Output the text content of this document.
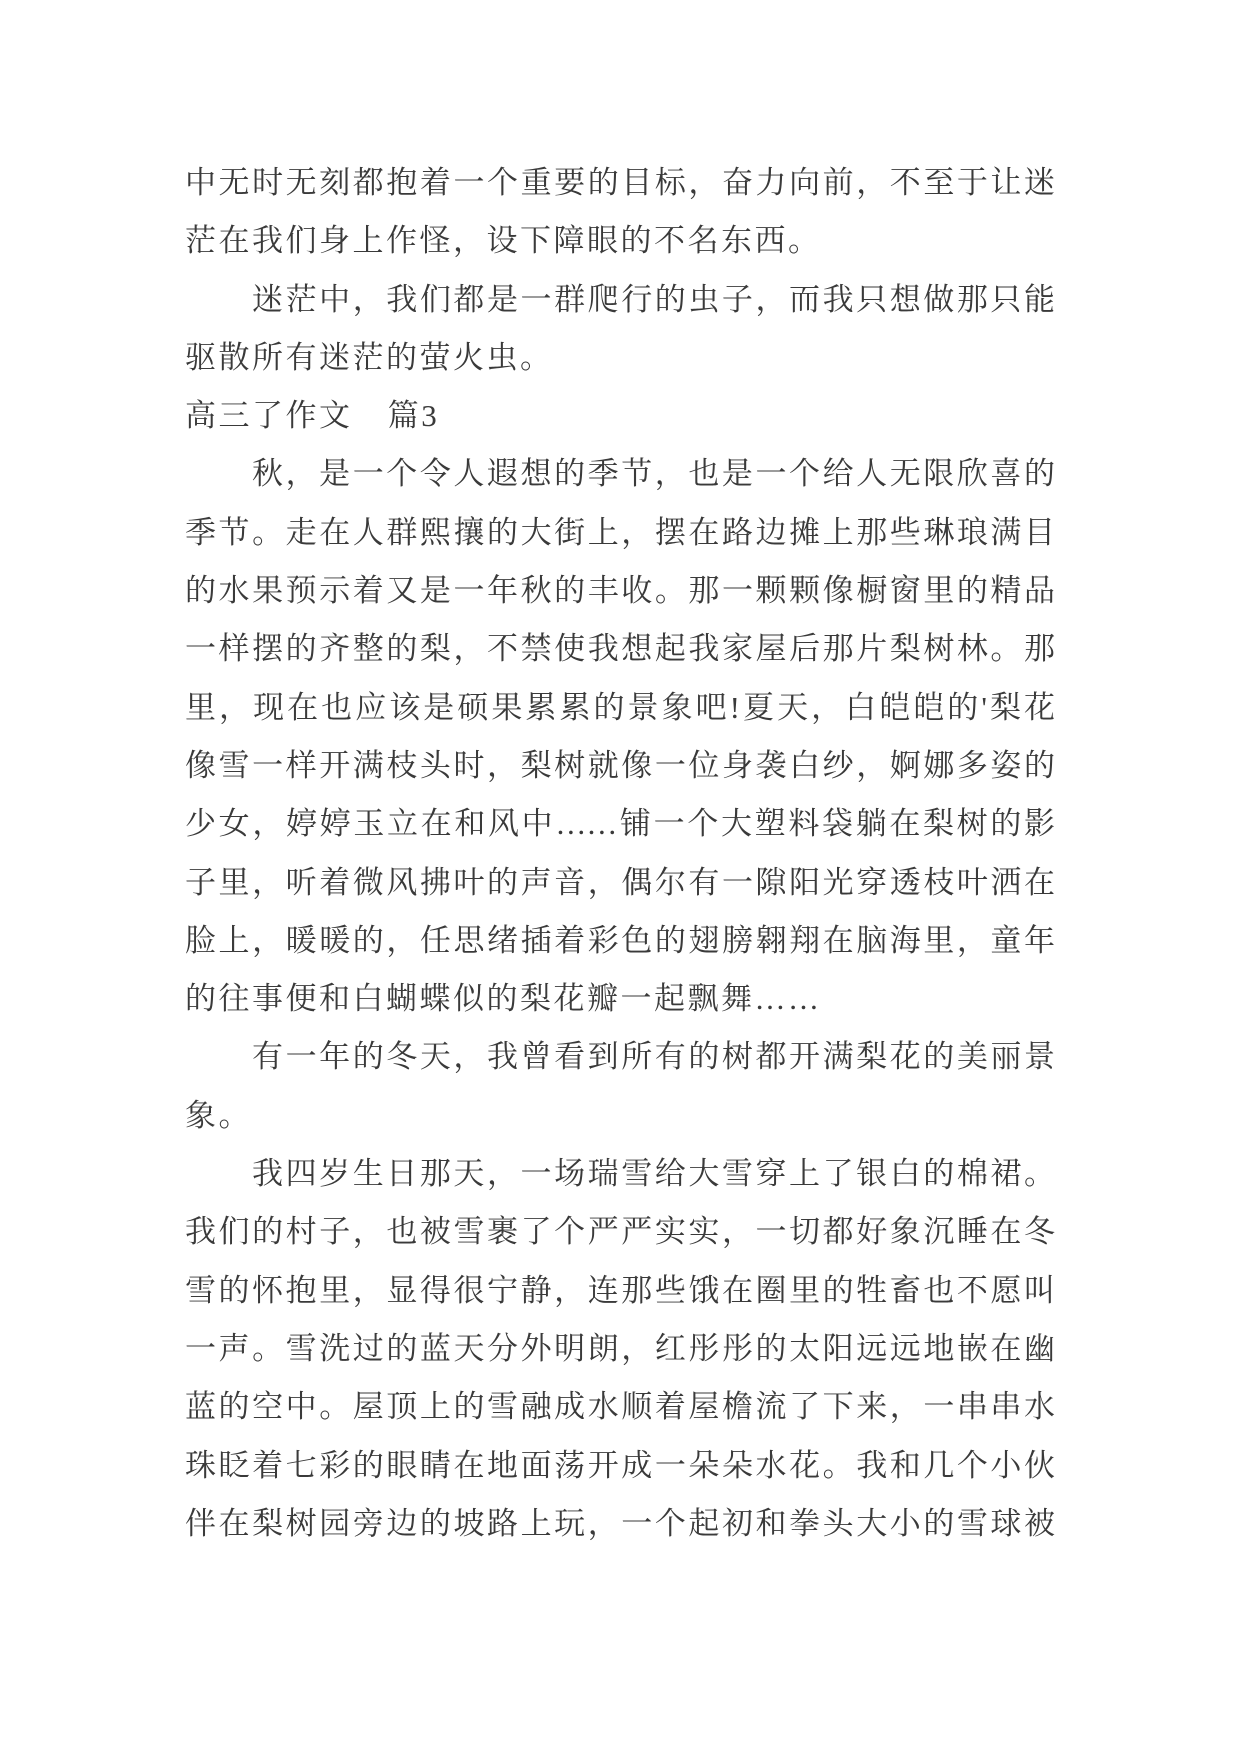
中无时无刻都抱着一个重要的目标，奋力向前，不至于让迷
茫在我们身上作怪，设下障眼的不名东西。
迷茫中，我们都是一群爬行的虫子，而我只想做那只能
驱散所有迷茫的萤火虫。
高三了作文 篇3
秋，是一个令人遐想的季节，也是一个给人无限欣喜的
季节。走在人群熙攘的大街上，摆在路边摊上那些琳琅满目
的水果预示着又是一年秋的丰收。那一颗颗像橱窗里的精品
一样摆的齐整的梨，不禁使我想起我家屋后那片梨树林。那
里，现在也应该是硕果累累的景象吧!夏天，白皑皑的'梨花
像雪一样开满枝头时，梨树就像一位身袭白纱，婀娜多姿的
少女，婷婷玉立在和风中……铺一个大塑料袋躺在梨树的影
子里，听着微风拂叶的声音，偶尔有一隙阳光穿透枝叶洒在
脸上，暖暖的，任思绪插着彩色的翅膀翱翔在脑海里，童年
的往事便和白蝴蝶似的梨花瓣一起飘舞……
有一年的冬天，我曾看到所有的树都开满梨花的美丽景
象。
我四岁生日那天，一场瑞雪给大雪穿上了银白的棉裙。
我们的村子，也被雪裹了个严严实实，一切都好象沉睡在冬
雪的怀抱里，显得很宁静，连那些饿在圈里的牲畜也不愿叫
一声。雪洗过的蓝天分外明朗，红彤彤的太阳远远地嵌在幽
蓝的空中。屋顶上的雪融成水顺着屋檐流了下来，一串串水
珠眨着七彩的眼睛在地面荡开成一朵朵水花。我和几个小伙
伴在梨树园旁边的坡路上玩，一个起初和拳头大小的雪球被
